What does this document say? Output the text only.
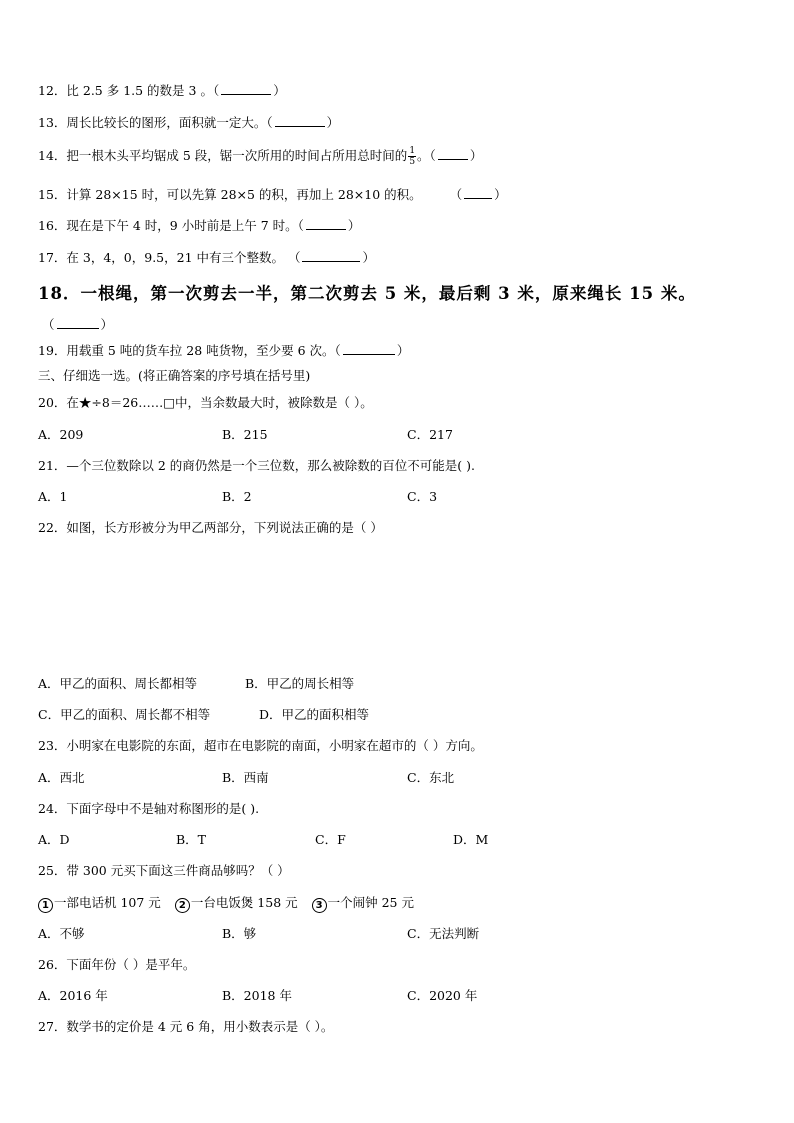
12．比 2.5 多 1.5 的数是 3 。（	）
13．周长比较长的图形，面积就一定大。（	）
14．把一根木头平均锯成 5 段，锯一次所用的时间占所用总时间的 $\frac{1}{5}$ 。（	）
15．计算 28×15 时，可以先算 28×5 的积，再加上 28×10 的积。 （	）
16．现在是下午 4 时，9 小时前是上午 7 时。（	）
17．在 3，4，0，9.5，21 中有三个整数。 （	）
18．一根绳，第一次剪去一半，第二次剪去 5 米，最后剩 3 米，原来绳长 15 米。
（	）
19．用载重 5 吨的货车拉 28 吨货物，至少要 6 次。（	）
三、仔细选一选。(将正确答案的序号填在括号里)
20．在★÷8＝26……□中，当余数最大时，被除数是（ ）。
A．209	B．215	C．217
21．—个三位数除以 2 的商仍然是一个三位数，那么被除数的百位不可能是( ).
A．1	B．2	C．3
22．如图，长方形被分为甲乙两部分，下列说法正确的是（ ）
A．甲乙的面积、周长都相等	B．甲乙的周长相等
C．甲乙的面积、周长都不相等	D．甲乙的面积相等
23．小明家在电影院的东面，超市在电影院的南面，小明家在超市的（ ）方向。
A．西北	B．西南	C．东北
24．下面字母中不是轴对称图形的是( ).
A．D	B．T	C．F	D．M
25．带 300 元买下面这三件商品够吗？（ ）
1 一部电话机 107 元 2 一台电饭煲 158 元 3 一个闹钟 25 元
A．不够	B．够	C．无法判断
26．下面年份（ ）是平年。
A．2016 年	B．2018 年	C．2020 年
27．数学书的定价是 4 元 6 角，用小数表示是（ ）。
